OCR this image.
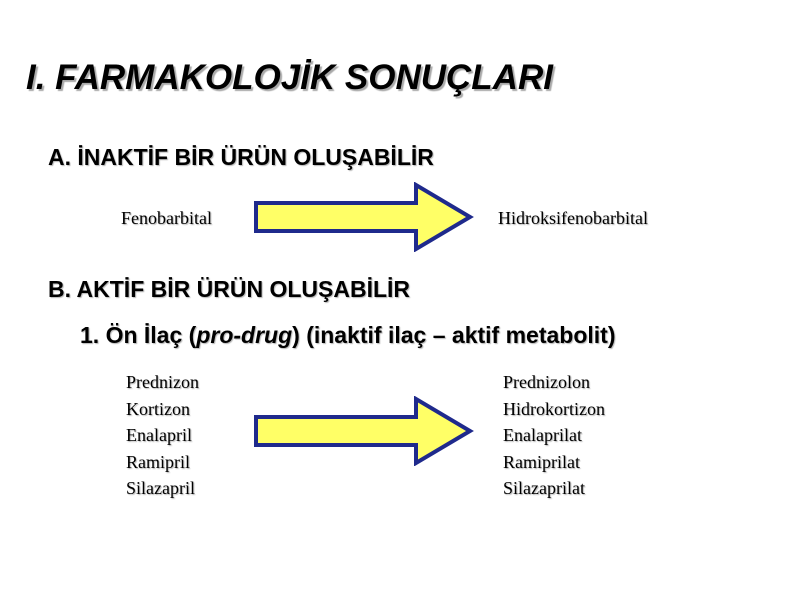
I. FARMAKOLOJİK SONUÇLARI
A. İNAKTİF BİR ÜRÜN OLUŞABİLİR
Fenobarbital	Hidroksifenobarbital
B. AKTİF BİR ÜRÜN OLUŞABİLİR
1. Ön İlaç (pro-drug) (inaktif ilaç – aktif metabolit)
Prednizon
Kortizon
Enalapril
Ramipril
Silazapril
Prednizolon
Hidrokortizon
Enalaprilat
Ramiprilat
Silazaprilat
